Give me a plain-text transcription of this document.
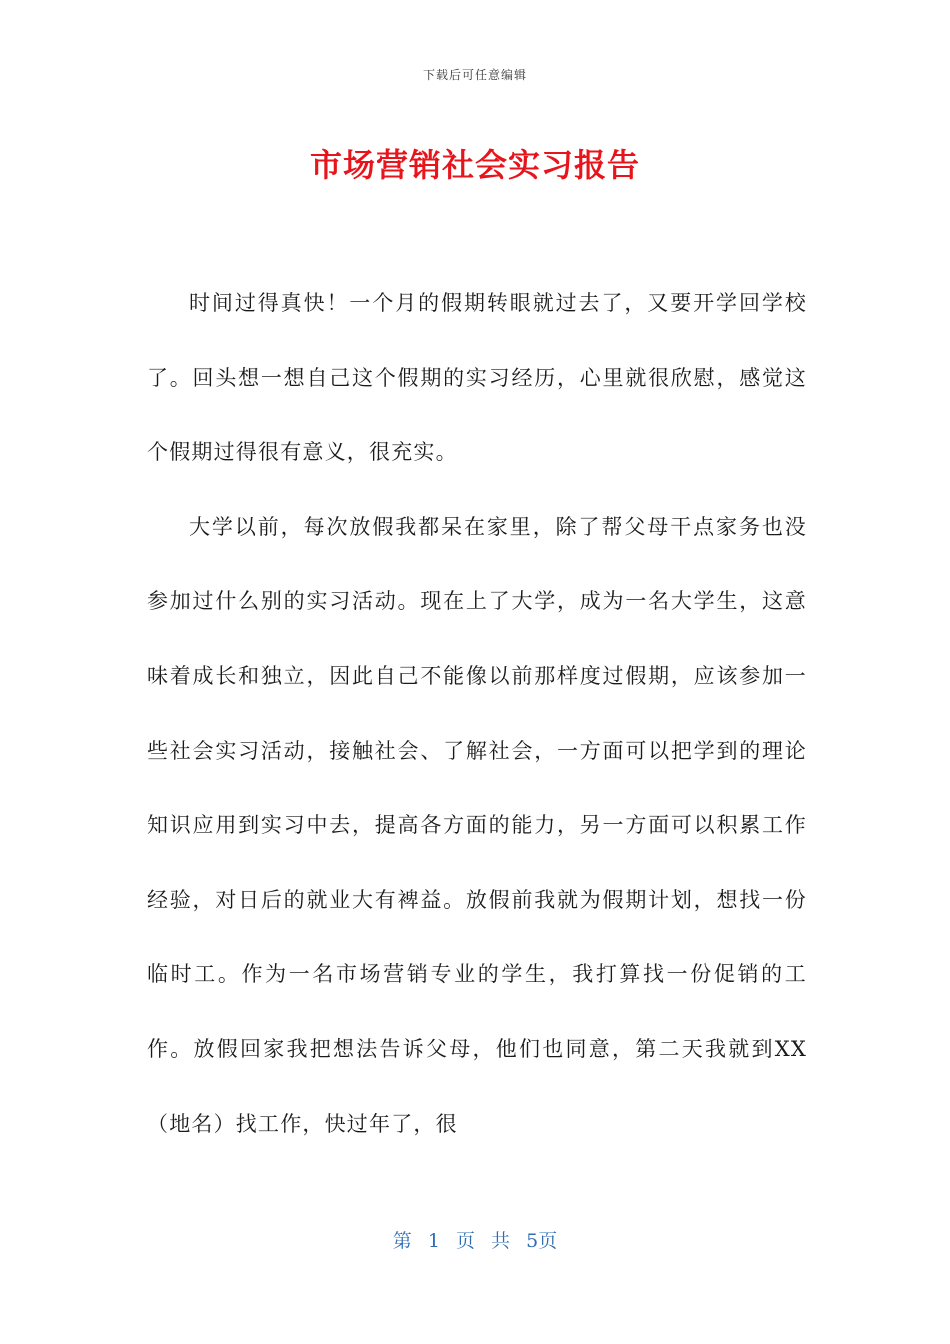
下载后可任意编辑
市场营销社会实习报告

时间过得真快！一个月的假期转眼就过去了，又要开学回学校了。回头想一想自己这个假期的实习经历，心里就很欣慰，感觉这个假期过得很有意义，很充实。

大学以前，每次放假我都呆在家里，除了帮父母干点家务也没参加过什么别的实习活动。现在上了大学，成为一名大学生，这意味着成长和独立，因此自己不能像以前那样度过假期，应该参加一些社会实习活动，接触社会、了解社会，一方面可以把学到的理论知识应用到实习中去，提高各方面的能力，另一方面可以积累工作经验，对日后的就业大有裨益。放假前我就为假期计划，想找一份临时工。作为一名市场营销专业的学生，我打算找一份促销的工作。放假回家我把想法告诉父母，他们也同意，第二天我就到XX（地名）找工作，快过年了，很

第 1 页 共 5页
